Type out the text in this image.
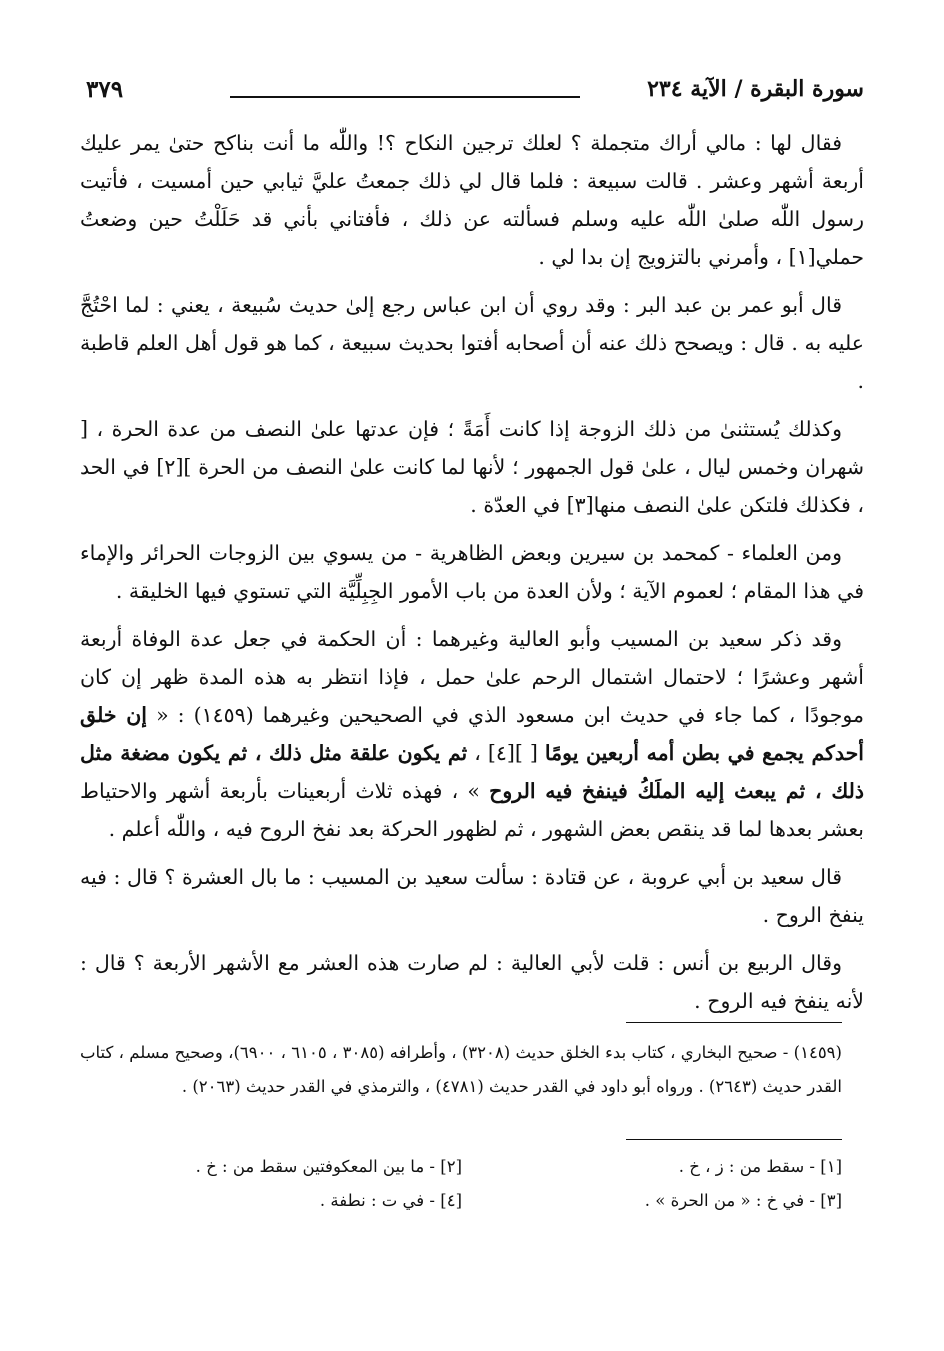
٣٧٩	سورة البقرة / الآية ٢٣٤

فقال لها : مالي أراك متجملة ؟ لعلك ترجين النكاح ؟! واللّٰه ما أنت بناكح حتىٰ يمر عليك أربعة أشهر وعشر . قالت سبيعة : فلما قال لي ذلك جمعتُ عليَّ ثيابي حين أمسيت ، فأتيت رسول اللّٰه صلىٰ اللّٰه عليه وسلم فسألته عن ذلك ، فأفتاني بأني قد حَلَلْتُ حين وضعتُ حملي[١] ، وأمرني بالتزويج إن بدا لي .

قال أبو عمر بن عبد البر : وقد روي أن ابن عباس رجع إلىٰ حديث سُبيعة ، يعني : لما احْتُجَّ عليه به . قال : ويصحح ذلك عنه أن أصحابه أفتوا بحديث سبيعة ، كما هو قول أهل العلم قاطبة .

وكذلك يُستثنىٰ من ذلك الزوجة إذا كانت أَمَةً ؛ فإن عدتها علىٰ النصف من عدة الحرة ، [ شهران وخمس ليال ، علىٰ قول الجمهور ؛ لأنها لما كانت علىٰ النصف من الحرة ][٢] في الحد ، فكذلك فلتكن علىٰ النصف منها[٣] في العدّة .

ومن العلماء - كمحمد بن سيرين وبعض الظاهرية - من يسوي بين الزوجات الحرائر والإماء في هذا المقام ؛ لعموم الآية ؛ ولأن العدة من باب الأمور الجِبِلِّيَّة التي تستوي فيها الخليقة .

وقد ذكر سعيد بن المسيب وأبو العالية وغيرهما : أن الحكمة في جعل عدة الوفاة أربعة أشهر وعشرًا ؛ لاحتمال اشتمال الرحم علىٰ حمل ، فإذا انتظر به هذه المدة ظهر إن كان موجودًا ، كما جاء في حديث ابن مسعود الذي في الصحيحين وغيرهما (١٤٥٩) : « إن خلق أحدكم يجمع في بطن أمه أربعين يومًا [ ][٤] ، ثم يكون علقة مثل ذلك ، ثم يكون مضغة مثل ذلك ، ثم يبعث إليه الملَكُ فينفخ فيه الروح » ، فهذه ثلاث أربعينات بأربعة أشهر والاحتياط بعشر بعدها لما قد ينقص بعض الشهور ، ثم لظهور الحركة بعد نفخ الروح فيه ، واللّٰه أعلم .

قال سعيد بن أبي عروبة ، عن قتادة : سألت سعيد بن المسيب : ما بال العشرة ؟ قال : فيه ينفخ الروح .

وقال الربيع بن أنس : قلت لأبي العالية : لم صارت هذه العشر مع الأشهر الأربعة ؟ قال : لأنه ينفخ فيه الروح .

(١٤٥٩) - صحيح البخاري ، كتاب بدء الخلق حديث (٣٢٠٨) ، وأطرافه (٣٠٨٥ ، ٦١٠٥ ، ٦٩٠٠)، وصحيح مسلم ، كتاب القدر حديث (٢٦٤٣) . ورواه أبو داود في القدر حديث (٤٧٨١) ، والترمذي في القدر حديث (٢٠٦٣) .
[١] - سقط من : ز ، خ .
[٢] - ما بين المعكوفتين سقط من : خ .
[٣] - في خ : « من الحرة » .
[٤] - في ت : نطفة .
